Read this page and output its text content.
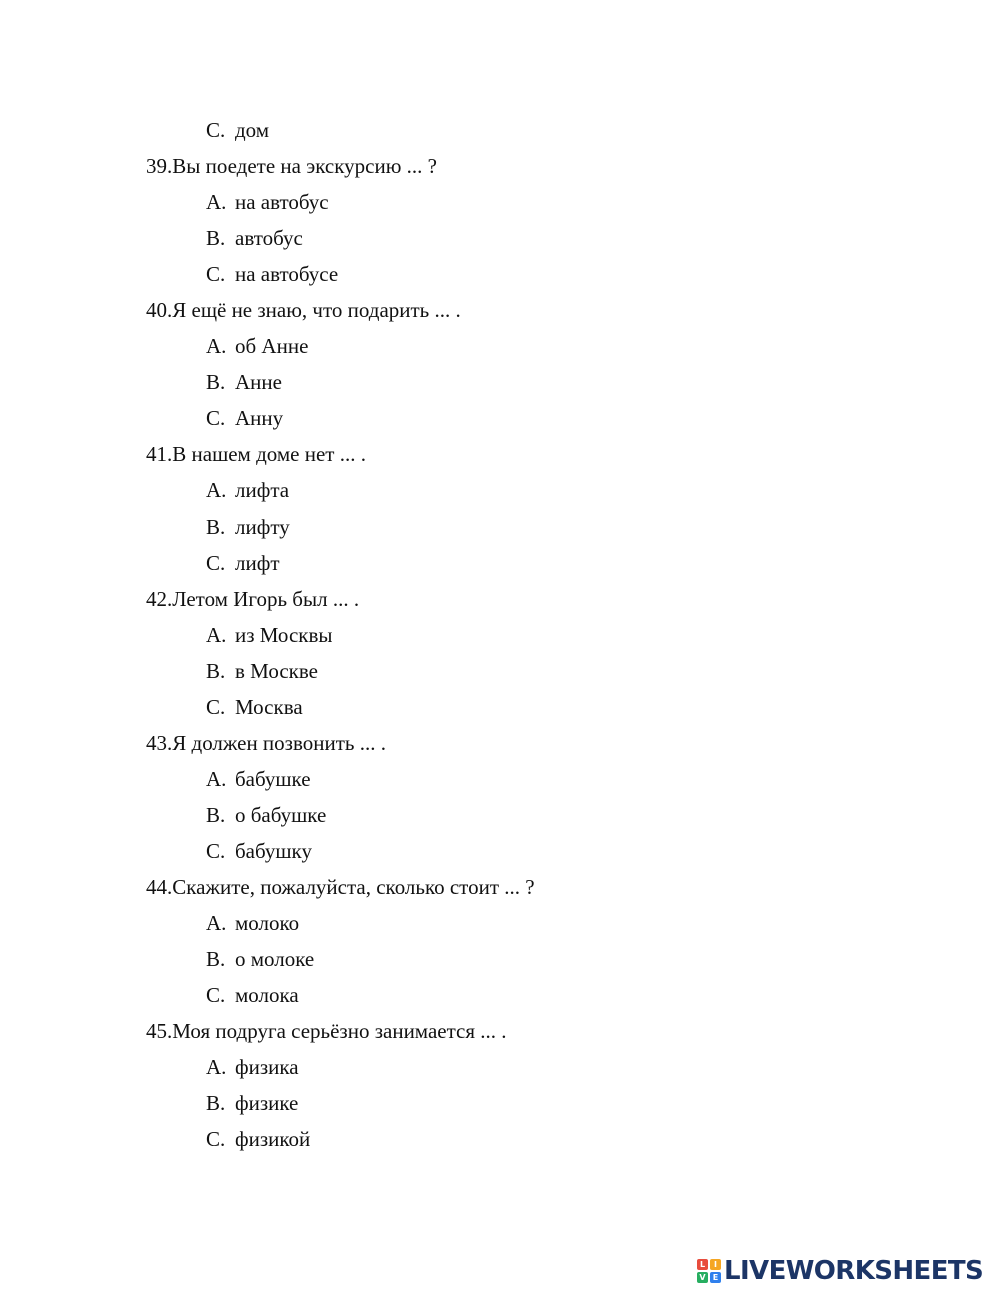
C. дом
39.Вы поедете на экскурсию ... ?
A. на автобус
B. автобус
C. на автобусе
40.Я ещё не знаю, что подарить ... .
A. об Анне
B. Анне
C. Анну
41.В нашем доме нет ... .
A. лифта
B. лифту
C. лифт
42.Летом Игорь был ... .
A. из Москвы
B. в Москве
C. Москва
43.Я должен позвонить ... .
A. бабушке
B. о бабушке
C. бабушку
44.Скажите, пожалуйста, сколько стоит ... ?
A. молоко
B. о молоке
C. молока
45.Моя подруга серьёзно занимается ... .
A. физика
B. физике
C. физикой
L	I
V E LIVEWORKSHEETS
